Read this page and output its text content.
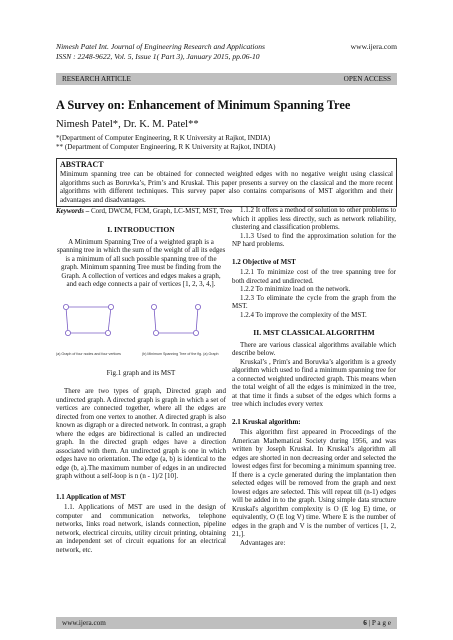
Nimesh Patel Int. Journal of Engineering Research and Applications
ISSN : 2248-9622, Vol. 5, Issue 1( Part 3), January 2015, pp.06-10
www.ijera.com
RESEARCH ARTICLE	OPEN ACCESS
A Survey on: Enhancement of Minimum Spanning Tree
Nimesh Patel*, Dr. K. M. Patel**
*(Department of Computer Engineering, R K University at Rajkot, INDIA)
** (Department of Computer Engineering, R K University at Rajkot, INDIA)
ABSTRACT

Minimum spanning tree can be obtained for connected weighted edges with no negative weight using classical algorithms such as Boruvka’s, Prim’s and Kruskal. This paper presents a survey on the classical and the more recent algorithms with different techniques. This survey paper also contains comparisons of MST algorithm and their advantages and disadvantages.

Keywords – Cord, DWCM, FCM, Graph, LC-MST, MST, Tree
I. INTRODUCTION

A Minimum Spanning Tree of a weighted graph is a spanning tree in which the sum of the weight of all its edges is a minimum of all such possible spanning tree of the graph. Minimum spanning Tree must be finding from the Graph. A collection of vertices and edges makes a graph, and each edge connects a pair of vertices [1, 2, 3, 4,].

(a) Graph of four nodes and four vertices	(b) Minimum Spanning Tree of the fig. (a) Graph
Fig.1 graph and its MST

There are two types of graph, Directed graph and undirected graph. A directed graph is graph in which a set of vertices are connected together, where all the edges are directed from one vertex to another. A directed graph is also known as digraph or a directed network. In contrast, a graph where the edges are bidirectional is called an undirected graph. In the directed graph edges have a direction associated with them. An undirected graph is one in which edges have no orientation. The edge (a, b) is identical to the edge (b, a).The maximum number of edges in an undirected graph without a self-loop is n (n - 1)/2 [10].

1.1 Application of MST

1.1. Applications of MST are used in the design of computer and communication networks, telephone networks, links road network, islands connection, pipeline network, electrical circuits, utility circuit printing, obtaining an independent set of circuit equations for an electrical network, etc.

1.1.2 It offers a method of solution to other problems to which it applies less directly, such as network reliability, clustering and classification problems.

1.1.3 Used to find the approximation solution for the NP hard problems.

1.2 Objective of MST

1.2.1 To minimize cost of the tree spanning tree for both directed and undirected.

1.2.2 To minimize load on the network.

1.2.3 To eliminate the cycle from the graph from the MST.

1.2.4 To improve the complexity of the MST.

II. MST CLASSICAL ALGORITHM

There are various classical algorithms available which describe below.

Kruskal’s , Prim's and Boruvka’s algorithm is a greedy algorithm which used to find a minimum spanning tree for a connected weighted undirected graph. This means when the total weight of all the edges is minimized in the tree, at that time it finds a subset of the edges which forms a tree which includes every vertex

2.1 Kruskal algorithm:

This algorithm first appeared in Proceedings of the American Mathematical Society during 1956, and was written by Joseph Kruskal. In Kruskal’s algorithm all edges are shorted in non decreasing order and selected the lowest edges first for becoming a minimum spanning tree. If there is a cycle generated during the implantation then selected edges will be removed from the graph and next lowest edges are selected. This will repeat till (n-1) edges will be added in to the graph. Using simple data structure Kruskal's algorithm complexity is O (E log E) time, or equivalently, O (E log V) time. Where E is the number of edges in the graph and V is the number of vertices [1, 2, 21,].

Advantages are:

www.ijera.com	6 | P a g e
